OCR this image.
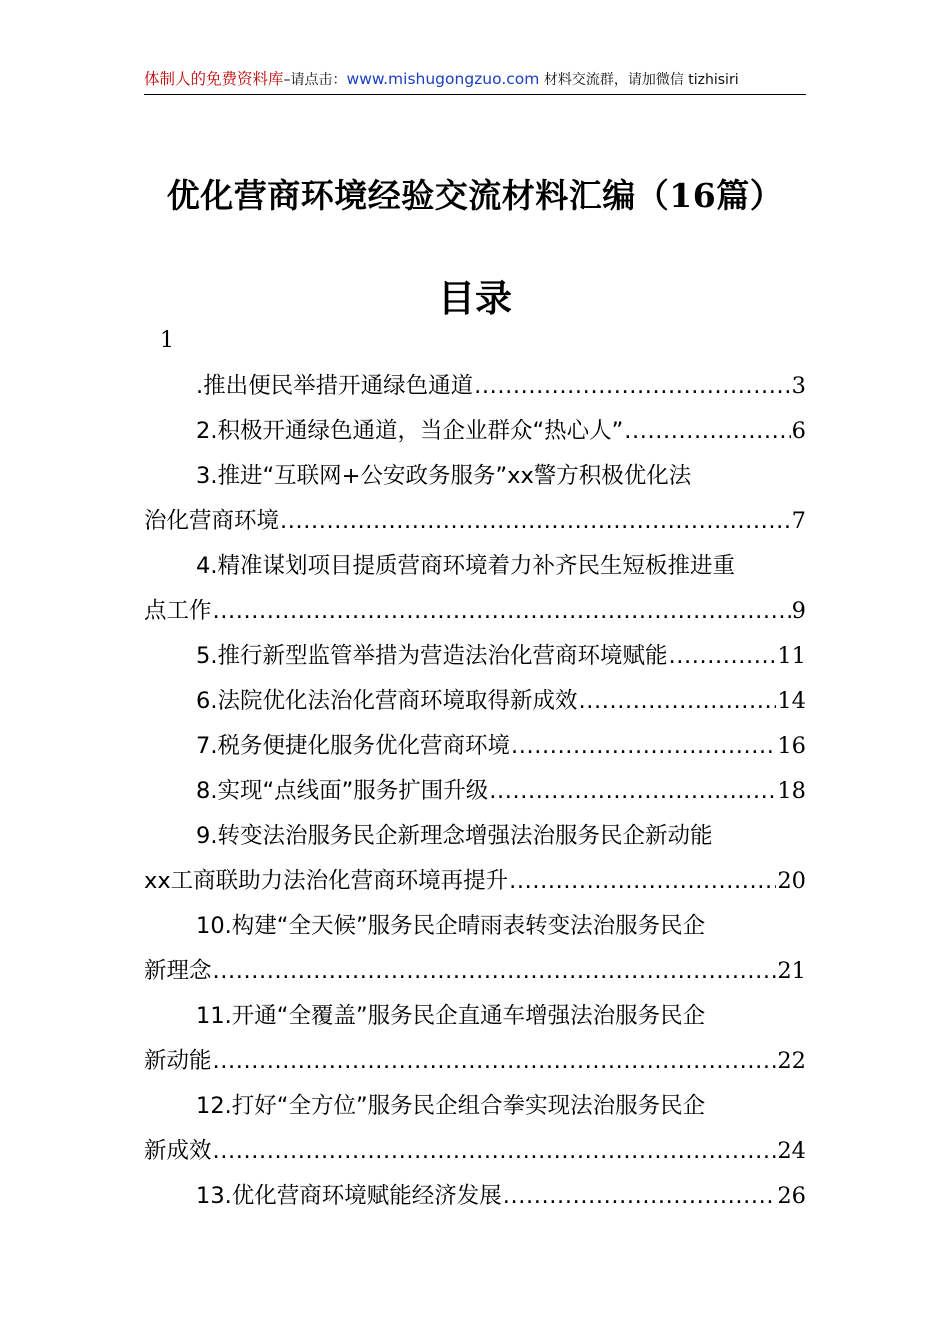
体制人的免费资料库–请点击：www.mishugongzuo.com 材料交流群，请加微信 tizhisiri
优化营商环境经验交流材料汇编（16篇）
目录
1
.推出便民举措开通绿色通道 .....	3
2.积极开通绿色通道，当企业群众“热心人” .....	6
3.推进“互联网+公安政务服务”xx警方积极优化法
治化营商环境 .....	7
4.精准谋划项目提质营商环境着力补齐民生短板推进重
点工作 .....	9
5.推行新型监管举措为营造法治化营商环境赋能 .....	11
6.法院优化法治化营商环境取得新成效 .....	14
7.税务便捷化服务优化营商环境 .....	16
8.实现“点线面”服务扩围升级 .....	18
9.转变法治服务民企新理念增强法治服务民企新动能
xx工商联助力法治化营商环境再提升 .....	20
10.构建“全天候”服务民企晴雨表转变法治服务民企
新理念 .....	21
11.开通“全覆盖”服务民企直通车增强法治服务民企
新动能 .....	22
12.打好“全方位”服务民企组合拳实现法治服务民企
新成效 .....	24
13.优化营商环境赋能经济发展 .....	26
